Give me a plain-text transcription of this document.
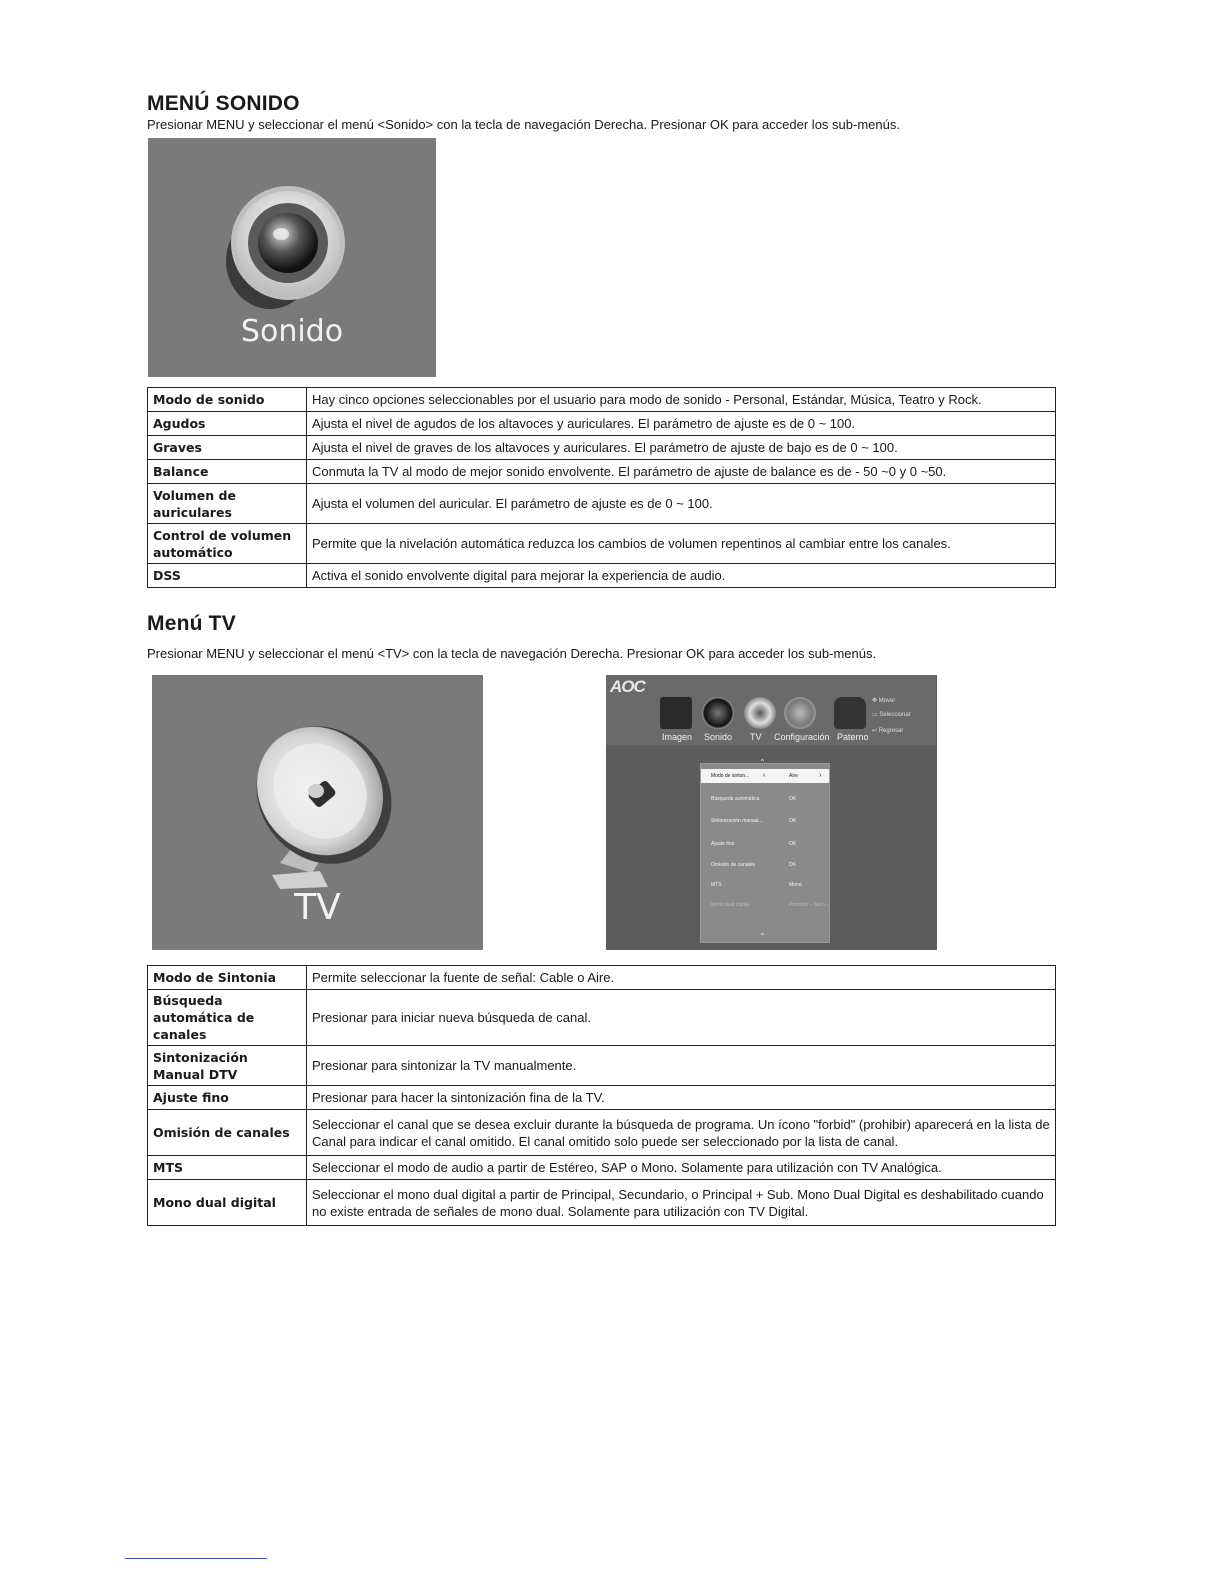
MENÚ SONIDO
Presionar MENU y seleccionar el menú <Sonido> con la tecla de navegación Derecha. Presionar OK para acceder los sub-menús.
Sonido
Modo de sonido	Hay cinco opciones seleccionables por el usuario para modo de sonido - Personal, Estándar, Música, Teatro y Rock.
Agudos	Ajusta el nivel de agudos de los altavoces y auriculares. El parámetro de ajuste es de 0 ~ 100.
Graves	Ajusta el nivel de graves de los altavoces y auriculares. El parámetro de ajuste de bajo es de 0 ~ 100.
Balance	Conmuta la TV al modo de mejor sonido envolvente. El parámetro de ajuste de balance es de - 50 ~0 y 0 ~50.
Volumen de auriculares	Ajusta el volumen del auricular. El parámetro de ajuste es de 0 ~ 100.
Control de volumen automático	Permite que la nivelación automática reduzca los cambios de volumen repentinos al cambiar entre los canales.
DSS	Activa el sonido envolvente digital para mejorar la experiencia de audio.
Menú TV
Presionar MENU y seleccionar el menú <TV> con la tecla de navegación Derecha. Presionar OK para acceder los sub-menús.
TV
AOC
Imagen Sonido TV Configuración Paterno
✥ Mover
▭ Seleccionar
↩ Regresar
⌃
Modo de sinton... ‹	Aire	›
Búsqueda automática	OK
Sintonización manual...	OK
Ajuste fino	OK
Omisión de canales	OK
MTS	Mono
Mono dual digital	Principal – Secu...
⌄
Modo de Sintonia	Permite seleccionar la fuente de señal: Cable o Aire.
Búsqueda automática de canales	Presionar para iniciar nueva búsqueda de canal.
Sintonización Manual DTV	Presionar para sintonizar la TV manualmente.
Ajuste fino	Presionar para hacer la sintonización fina de la TV.
Omisión de canales	Seleccionar el canal que se desea excluir durante la búsqueda de programa. Un ícono "forbid" (prohibir) aparecerá en la lista de Canal para indicar el canal omitido. El canal omitido solo puede ser seleccionado por la lista de canal.
MTS	Seleccionar el modo de audio a partir de Estéreo, SAP o Mono. Solamente para utilización con TV Analógica.
Mono dual digital	Seleccionar el mono dual digital a partir de Principal, Secundario, o Principal + Sub. Mono Dual Digital es deshabilitado cuando no existe entrada de señales de mono dual. Solamente para utilización con TV Digital.
